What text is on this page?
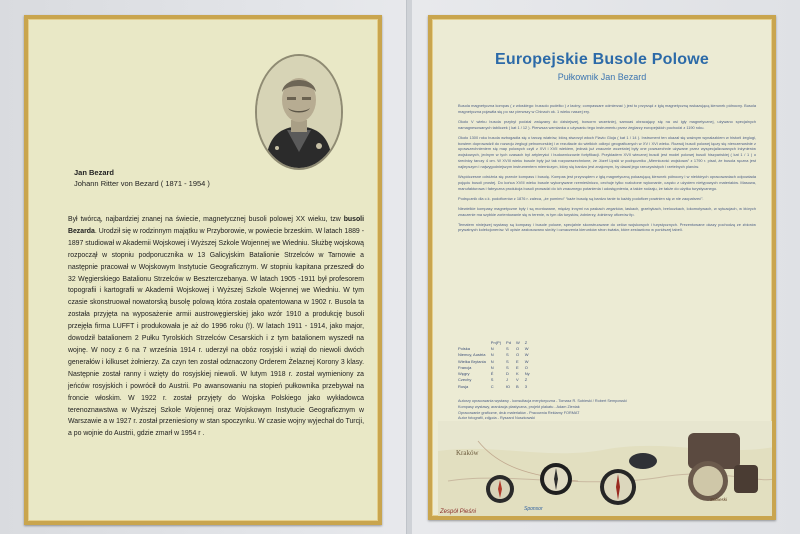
Jan Bezard
Johann Ritter von Bezard ( 1871 - 1954 )
Był twórcą, najbardziej znanej na świecie, magnetycznej busoli polowej XX wieku, tzw busoli Bezarda. Urodził się w rodzinnym majątku w Przyborowie, w powiecie brzeskim. W latach 1889 - 1897 studiował w Akademii Wojskowej i Wyższej Szkole Wojennej we Wiedniu. Służbę wojskową rozpoczął w stopniu podporucznika w 13 Galicyjskim Batalionie Strzelców w Tarnowie a następnie pracował w Wojskowym Instytucie Geograficznym. W stopniu kapitana przeszedł do 32 Węgierskiego Batalionu Strzelców w Beszterczebanya. W latach 1905 -1911 był profesorem topografii i kartografii w Akademii Wojskowej i Wyższej Szkole Wojennej we Wiedniu. W tym czasie skonstruował nowatorską busolę polową która została opatentowana w 1902 r. Busola ta została przyjęta na wyposażenie armii austrowęgierskiej jako wzór 1910 a produkcję busoli przejęła firma LUFFT i produkowała je aż do 1996 roku (!). W latach 1911 - 1914, jako major, dowodził batalionem 2 Pułku Tyrolskich Strzelców Cesarskich i z tym batalionem wyszedł na wojnę. W nocy z 6 na 7 września 1914 r. uderzył na obóz rosyjski i wziął do niewoli dwóch generałów i kilkuset żołnierzy. Za czyn ten został odznaczony Orderem Żelaznej Korony 3 klasy. Następnie został ranny i wzięty do rosyjskiej niewoli. W lutym 1918 r. został wymieniony za jeńców rosyjskich i powrócił do Austrii. Po awansowaniu na stopień pułkownika przebywał na froncie włoskim. W 1922 r. został przyjęty do Wojska Polskiego jako wykładowca terenoznawstwa w Wyższej Szkole Wojennej oraz Wojskowym Instytucie Geograficznym w Warszawie a w 1927 r. został przeniesiony w stan spoczynku. W czasie wojny wyjechał do Turcji, a po wojnie do Austrii, gdzie zmarł w 1954 r .
Europejskie Busole Polowe
Pułkownik Jan Bezard

Busola magnetyczna kompas ( z włoskiego: bussolo pudełko ) z łaciny; compassare odmierzać ) jest to przyrząd z igłą magnetyczną wskazującą kierunek północny. Busola magnetyczna pojawiła się po raz pierwszy w Chinach ok. 1 wieku naszej ery.

Około V wieku busola przybył podział związany do dzisiejszej, boworm wcześniej, samoaś obracający się na osi igły magnetycznej, używano specjalnych namagnesowanych tabliczek ( kat 1 / 12 ). Pierwsza wzmianka o używaniu tego instrumentu przez żeglarzy europejskich pochodzi z 1190 roku.

Około 1300 roku busola wzbogaciła się o tarczę wiatrów, którą stworzył włoch Flavio Gioja ( kat 1 / 14 ). Instrument ten okazał się ważnym wynalazkiem w historii żeglugi, bowiem doprowadził do rozwoju żeglugi pełnomorskiej i w rezultacie do wielkich odkryć geograficznych w XV i XVI wieku. Rozwój busoli polowej łączy się nierozerwalnie z upowszechnieniem się map polowych czyli z XVI i XVII wiekiem, jednak już znacznie wcześniej były one powszechnie używane przez wyspecjalizowanych inżynierów wojskowych, jednym w tych czasach był artyleryści i budowniczowie fortyfikacji. Przykładem XVII wiecznej busoli jest model polowej busoli hiszpańskiej ( kat 1 / 1 ) o średnicy tarczy 4 cm. W XVIII wieku busole były już tak rozpowszechnione, że Józef Lipski w podręczniku „Mierniczość wojskowa” z 1790 r. pisał, że busola ręczna jest najlepszym i najwygodniejszym instrumentem mierniczym, który się bardzo jest znajomym, by dawał jego rzeczywistych i rzetelnych planów.

Wspóiczesne odróżnia się przecie kompass i busolę. Kompas jest przyrządem z igłą magnetyczną pokazującą kierunek północny i w niektórych opracowaniach odpowiada pojęciu busoli prostej. Do końca XVIII wieku busole wykonywane rzemieślniczo, cechuje tylko rozłożone wykonanie, często z użyciem nietypowych materiałów. Masowa, manufakturowa i fabryczna produkcja busoli prowadzi do ich znacznego potanienia i udostępnienia, a także rodzaju, że także do użytku turystycznego.

Podręcznik dla c.k. podoficerów z 1876 r. zaleca, „że pomimo” “każe busolę są bardzo tanie to każdy podoficer powinien się w nie zaopatrzeć”.

Niewielkie kompasy magnetyczne były i są montowane, między innymi na paskach zegarków, laskach, grzebykach, breloczkach, lokomotywach, w sytuacjach, w których znaczenie ma szybkie zorientowanie się w terenie, w tym dla turystów, żołnierzy, żołnierzy oficerów itp.

Tematem niniejszej wystawy są kompasy i busole polowe, specjalnie skonstruowane do celów wojskowych i turystycznych. Prezentowane okazy pochodzą ze zbiorów prywatnych kolekcjonerów. W opisie zastosowano skróty i oznaczenia kierunków stron świata, które zestawiono w poniższej tabeli.

	Pn(P)	Pd	W	Z
Polska	N	S	O	W
Niemcy, Austria	N	S	O	W
Wielka Brytania	N	S	E	W
Francja	N	S	E	O
Węgry	É	D	K	Ny
Czechy	S	J	V	Z
Rosja	С	Ю	В	З

Autorzy opracowania wystawy - konsultacja merytoryczna - Tomasz R. Sobieski / Robert Sempowski

Kompasy wystawy, aranżacja plastyczna, projekt plakatu - Adam Zieniak

Opracowanie graficzne, druk materiałów - Pracownia Reklamy FORMAT

Autor fotografii, zdjęcia - Ryszard Nuszkowski

Kraków
Zespół Pieśni	Sponsor
Sobieski
